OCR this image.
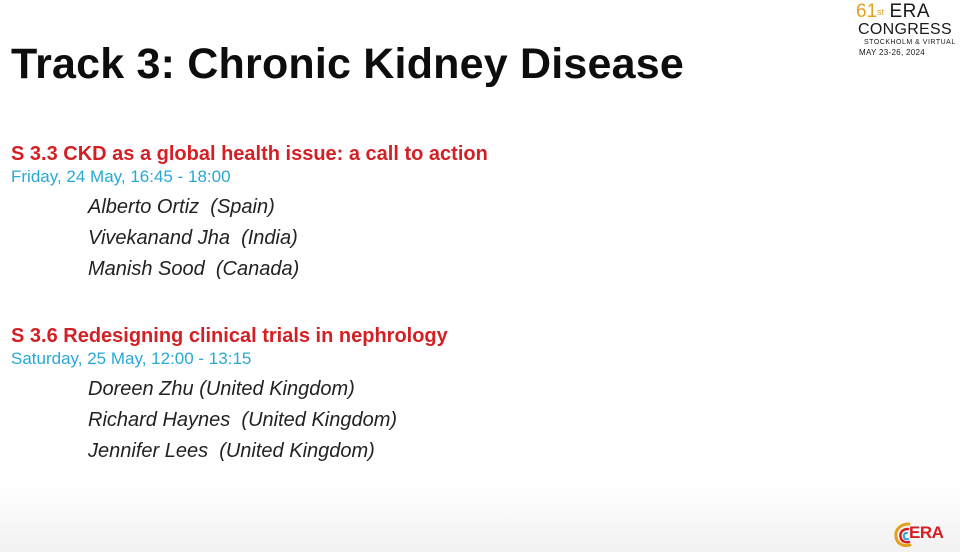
Track 3: Chronic Kidney Disease
61st ERA
CONGRESS
STOCKHOLM & VIRTUAL
MAY 23-26, 2024
S 3.3 CKD as a global health issue: a call to action
Friday, 24 May, 16:45 - 18:00
Alberto Ortiz (Spain)
Vivekanand Jha (India)
Manish Sood (Canada)
S 3.6 Redesigning clinical trials in nephrology
Saturday, 25 May, 12:00 - 13:15
Doreen Zhu (United Kingdom)
Richard Haynes (United Kingdom)
Jennifer Lees (United Kingdom)
ERA
